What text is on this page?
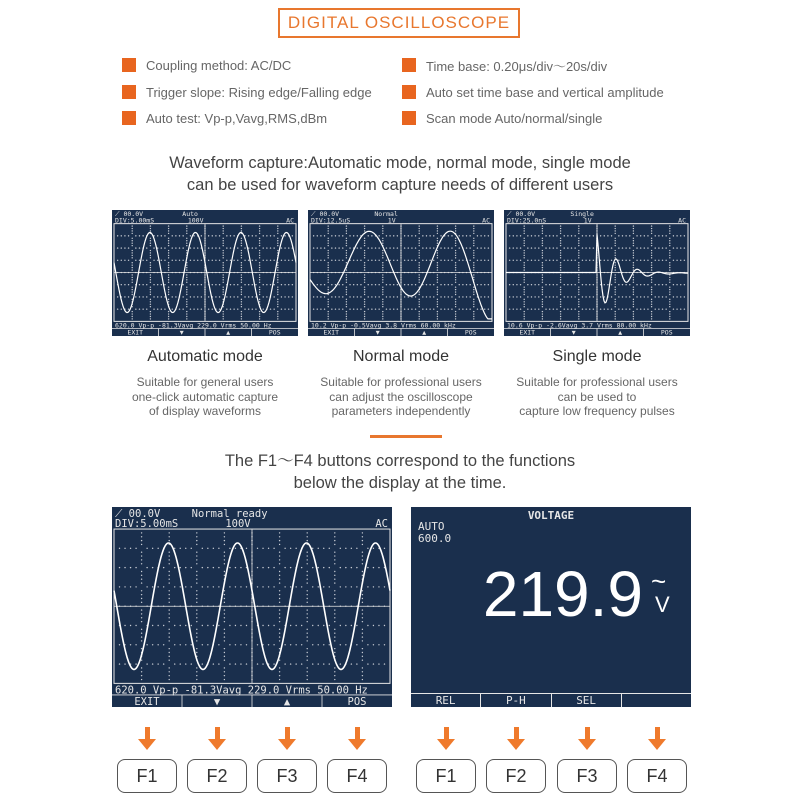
DIGITAL OSCILLOSCOPE
Coupling method: AC/DC
Trigger slope: Rising edge/Falling edge
Auto test: Vp-p,Vavg,RMS,dBm
Time base: 0.20μs/div～20s/div
Auto set time base and vertical amplitude
Scan mode Auto/normal/single
Waveform capture:Automatic mode, normal mode, single mode
can be used for waveform capture needs of different users
⟋ 00.0V
DIV:5.00mS
Auto
100V	AC
620.0 Vp-p -81.3Vavg 229.0 Vrms 50.00 Hz
EXIT	▼	▲	POS
⟋ 00.0V
DIV:12.5uS
Normal
1V	AC
10.2 Vp-p -0.5Vavg 3.8 Vrms 60.00 kHz
EXIT	▼	▲	POS
⟋ 00.0V
DIV:25.0nS
Single
1V	AC
10.6 Vp-p -2.6Vavg 3.7 Vrms 80.00 kHz
EXIT	▼	▲	POS
Automatic mode	Normal mode	Single mode
Suitable for general users
one-click automatic capture
of display waveforms
Suitable for professional users
can adjust the oscilloscope
parameters independently
Suitable for professional users
can be used to
capture low frequency pulses
The F1～F4 buttons correspond to the functions
below the display at the time.
⟋ 00.0V
DIV:5.00mS
Normal ready
100V	AC
620.0 Vp-p -81.3Vavg 229.0 Vrms 50.00 Hz
EXIT	▼	▲	POS
VOLTAGE
AUTO
600.0
219.9 ~
V
REL	P-H	SEL
F1	F2	F3	F4	F1	F2	F3	F4
